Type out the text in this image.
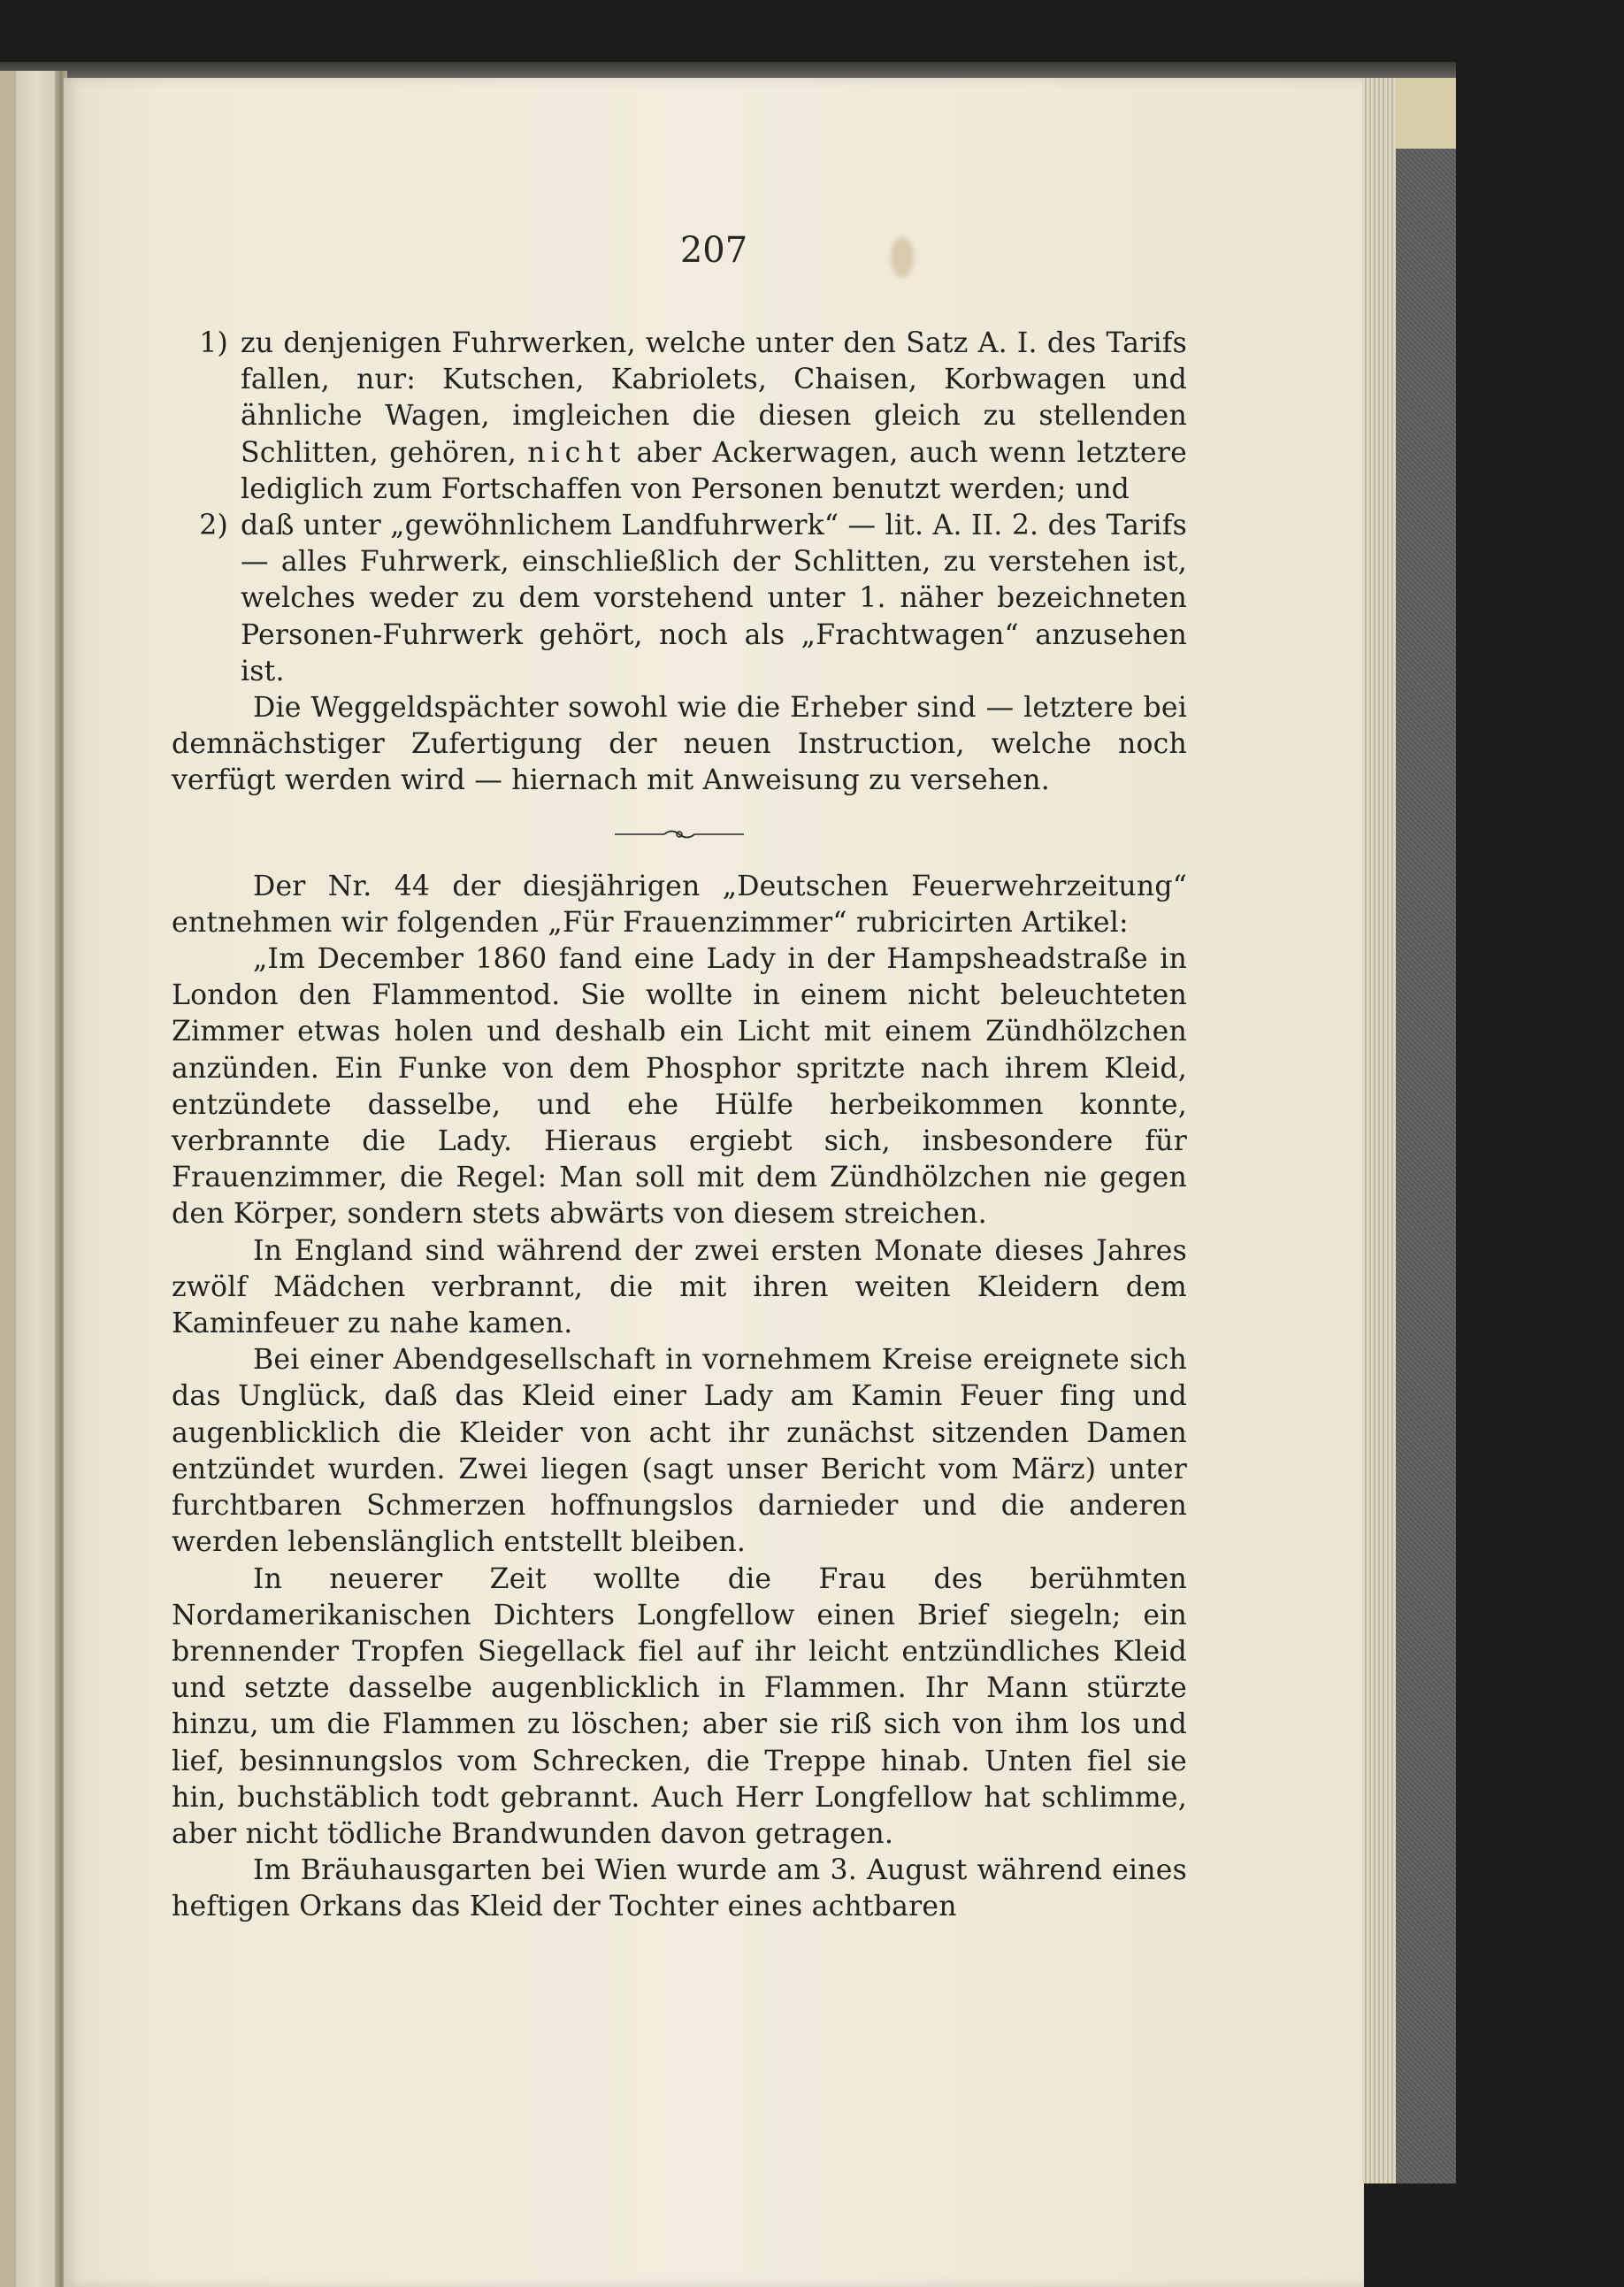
207
1) zu denjenigen Fuhrwerken, welche unter den Satz A. I. des Tarifs fallen, nur: Kutschen, Kabriolets, Chaisen, Korbwagen und ähnliche Wagen, imgleichen die diesen gleich zu stellenden Schlitten, gehören, nicht aber Ackerwagen, auch wenn letztere lediglich zum Fortschaffen von Personen benutzt werden; und
2) daß unter „gewöhnlichem Landfuhrwerk“ — lit. A. II. 2. des Tarifs — alles Fuhrwerk, einschließlich der Schlitten, zu verstehen ist, welches weder zu dem vorstehend unter 1. näher bezeichneten Personen-Fuhrwerk gehört, noch als „Frachtwagen“ anzusehen ist.

Die Weggeldspächter sowohl wie die Erheber sind — letztere bei demnächstiger Zufertigung der neuen Instruction, welche noch verfügt werden wird — hiernach mit Anweisung zu versehen.

Der Nr. 44 der diesjährigen „Deutschen Feuerwehrzeitung“ entnehmen wir folgenden „Für Frauenzimmer“ rubricirten Artikel:

„Im December 1860 fand eine Lady in der Hampsheadstraße in London den Flammentod. Sie wollte in einem nicht beleuchteten Zimmer etwas holen und deshalb ein Licht mit einem Zündhölzchen anzünden. Ein Funke von dem Phosphor spritzte nach ihrem Kleid, entzündete dasselbe, und ehe Hülfe herbeikommen konnte, verbrannte die Lady. Hieraus ergiebt sich, insbesondere für Frauenzimmer, die Regel: Man soll mit dem Zündhölzchen nie gegen den Körper, sondern stets abwärts von diesem streichen.

In England sind während der zwei ersten Monate dieses Jahres zwölf Mädchen verbrannt, die mit ihren weiten Kleidern dem Kaminfeuer zu nahe kamen.

Bei einer Abendgesellschaft in vornehmem Kreise ereignete sich das Unglück, daß das Kleid einer Lady am Kamin Feuer fing und augenblicklich die Kleider von acht ihr zunächst sitzenden Damen entzündet wurden. Zwei liegen (sagt unser Bericht vom März) unter furchtbaren Schmerzen hoffnungslos darnieder und die anderen werden lebenslänglich entstellt bleiben.

In neuerer Zeit wollte die Frau des berühmten Nordamerikanischen Dichters Longfellow einen Brief siegeln; ein brennender Tropfen Siegellack fiel auf ihr leicht entzündliches Kleid und setzte dasselbe augenblicklich in Flammen. Ihr Mann stürzte hinzu, um die Flammen zu löschen; aber sie riß sich von ihm los und lief, besinnungslos vom Schrecken, die Treppe hinab. Unten fiel sie hin, buchstäblich todt gebrannt. Auch Herr Longfellow hat schlimme, aber nicht tödliche Brandwunden davon getragen.

Im Bräuhausgarten bei Wien wurde am 3. August während eines heftigen Orkans das Kleid der Tochter eines achtbaren
